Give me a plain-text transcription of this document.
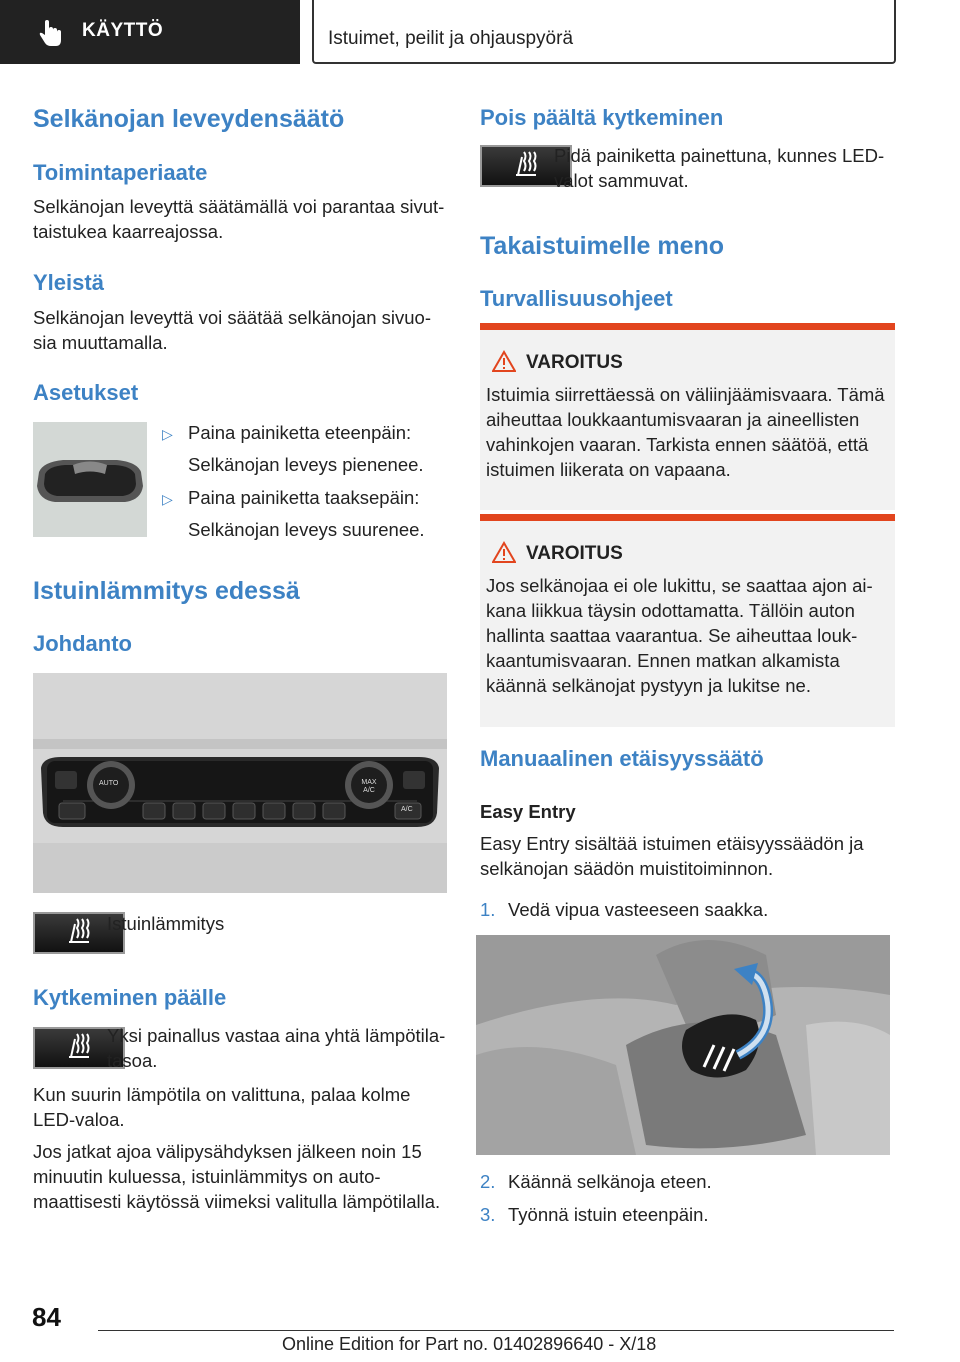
KÄYTTÖ	Istuimet, peilit ja ohjauspyörä
Selkänojan leveydensäätö
Toimintaperiaate
Selkänojan leveyttä säätämällä voi parantaa sivut-taistukea kaarreajossa.
Yleistä
Selkänojan leveyttä voi säätää selkänojan sivuo-sia muuttamalla.
Asetukset
▷ Paina painiketta eteenpäin:
Selkänojan leveys pienenee.
▷ Paina painiketta taaksepäin:
Selkänojan leveys suurenee.
Istuinlämmitys edessä
Johdanto
AUTO	MAX A/C
A/C
Istuinlämmitys
Kytkeminen päälle
Yksi painallus vastaa aina yhtä lämpötila-tasoa.
Kun suurin lämpötila on valittuna, palaa kolme LED-valoa.
Jos jatkat ajoa välipysähdyksen jälkeen noin 15 minuutin kuluessa, istuinlämmitys on auto-maattisesti käytössä viimeksi valitulla lämpötilalla.
Pois päältä kytkeminen
Pidä painiketta painettuna, kunnes LED-valot sammuvat.
Takaistuimelle meno
Turvallisuusohjeet
VAROITUS
Istuimia siirrettäessä on väliinjäämisvaara. Tämä aiheuttaa loukkaantumisvaaran ja aineellisten vahinkojen vaaran. Tarkista ennen säätöä, että istuimen liikerata on vapaana.
VAROITUS
Jos selkänojaa ei ole lukittu, se saattaa ajon ai-kana liikkua täysin odottamatta. Tällöin auton hallinta saattaa vaarantua. Se aiheuttaa louk-kaantumisvaaran. Ennen matkan alkamista käännä selkänojat pystyyn ja lukitse ne.
Manuaalinen etäisyyssäätö
Easy Entry
Easy Entry sisältää istuimen etäisyyssäädön ja selkänojan säädön muistitoiminnon.
1. Vedä vipua vasteeseen saakka.
2. Käännä selkänoja eteen.
3. Työnnä istuin eteenpäin.
84
Online Edition for Part no. 01402896640 - X/18
